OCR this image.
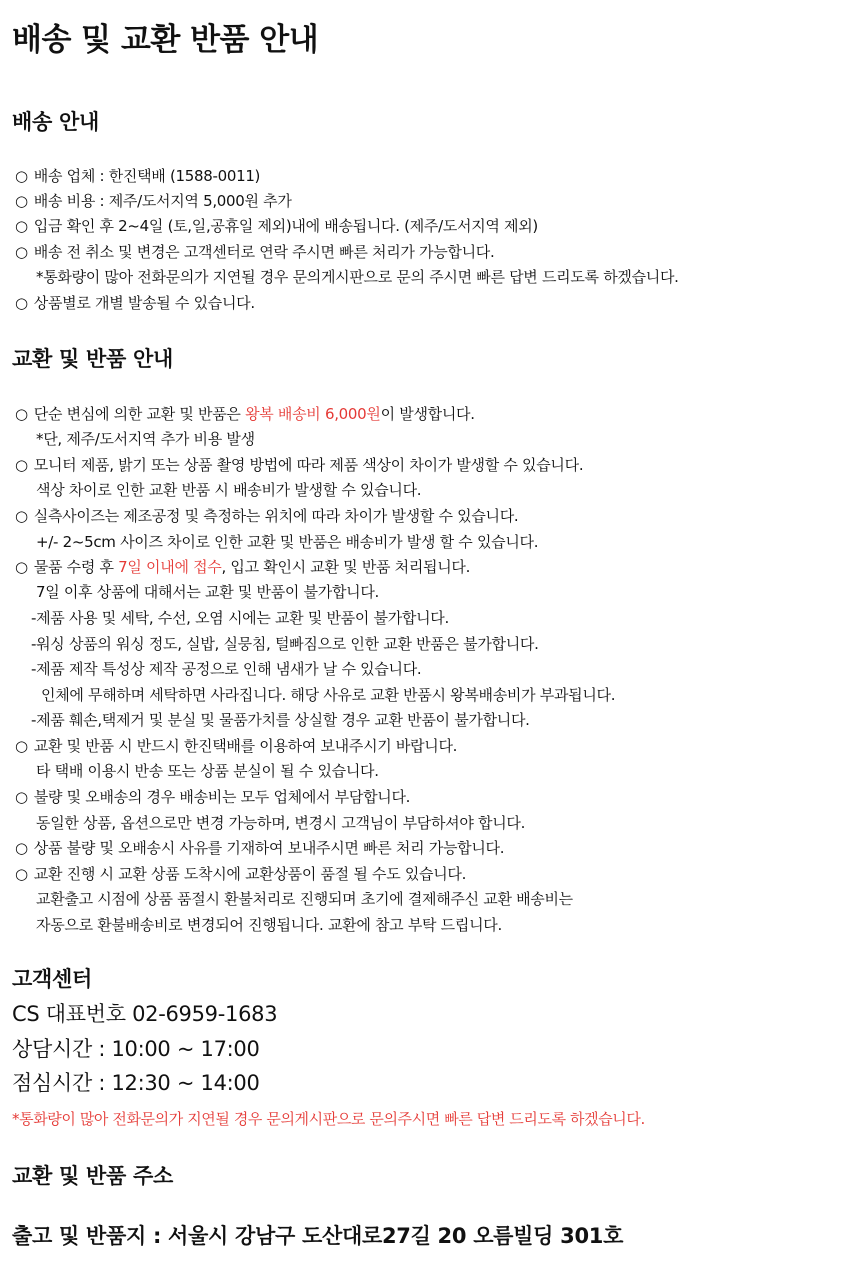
배송 및 교환 반품 안내
배송 안내

○ 배송 업체 : 한진택배 (1588-0011)

○ 배송 비용 : 제주/도서지역 5,000원 추가

○ 입금 확인 후 2~4일 (토,일,공휴일 제외)내에 배송됩니다. (제주/도서지역 제외)

○ 배송 전 취소 및 변경은 고객센터로 연락 주시면 빠른 처리가 가능합니다.

*통화량이 많아 전화문의가 지연될 경우 문의게시판으로 문의 주시면 빠른 답변 드리도록 하겠습니다.

○ 상품별로 개별 발송될 수 있습니다.

교환 및 반품 안내

○ 단순 변심에 의한 교환 및 반품은 왕복 배송비 6,000원이 발생합니다.

*단, 제주/도서지역 추가 비용 발생

○ 모니터 제품, 밝기 또는 상품 촬영 방법에 따라 제품 색상이 차이가 발생할 수 있습니다.

색상 차이로 인한 교환 반품 시 배송비가 발생할 수 있습니다.

○ 실측사이즈는 제조공정 및 측정하는 위치에 따라 차이가 발생할 수 있습니다.

+/- 2~5cm 사이즈 차이로 인한 교환 및 반품은 배송비가 발생 할 수 있습니다.

○ 물품 수령 후 7일 이내에 접수, 입고 확인시 교환 및 반품 처리됩니다.

7일 이후 상품에 대해서는 교환 및 반품이 불가합니다.

-제품 사용 및 세탁, 수선, 오염 시에는 교환 및 반품이 불가합니다.

-워싱 상품의 워싱 정도, 실밥, 실뭉침, 털빠짐으로 인한 교환 반품은 불가합니다.

-제품 제작 특성상 제작 공정으로 인해 냄새가 날 수 있습니다.

인체에 무해하며 세탁하면 사라집니다. 해당 사유로 교환 반품시 왕복배송비가 부과됩니다.

-제품 훼손,택제거 및 분실 및 물품가치를 상실할 경우 교환 반품이 불가합니다.

○ 교환 및 반품 시 반드시 한진택배를 이용하여 보내주시기 바랍니다.

타 택배 이용시 반송 또는 상품 분실이 될 수 있습니다.

○ 불량 및 오배송의 경우 배송비는 모두 업체에서 부담합니다.

동일한 상품, 옵션으로만 변경 가능하며, 변경시 고객님이 부담하셔야 합니다.

○ 상품 불량 및 오배송시 사유를 기재하여 보내주시면 빠른 처리 가능합니다.

○ 교환 진행 시 교환 상품 도착시에 교환상품이 품절 될 수도 있습니다.

교환출고 시점에 상품 품절시 환불처리로 진행되며 초기에 결제해주신 교환 배송비는

자동으로 환불배송비로 변경되어 진행됩니다. 교환에 참고 부탁 드립니다.

고객센터

CS 대표번호 02-6959-1683

상담시간 : 10:00 ~ 17:00

점심시간 : 12:30 ~ 14:00

*통화량이 많아 전화문의가 지연될 경우 문의게시판으로 문의주시면 빠른 답변 드리도록 하겠습니다.

교환 및 반품 주소

출고 및 반품지 : 서울시 강남구 도산대로27길 20 오름빌딩 301호
